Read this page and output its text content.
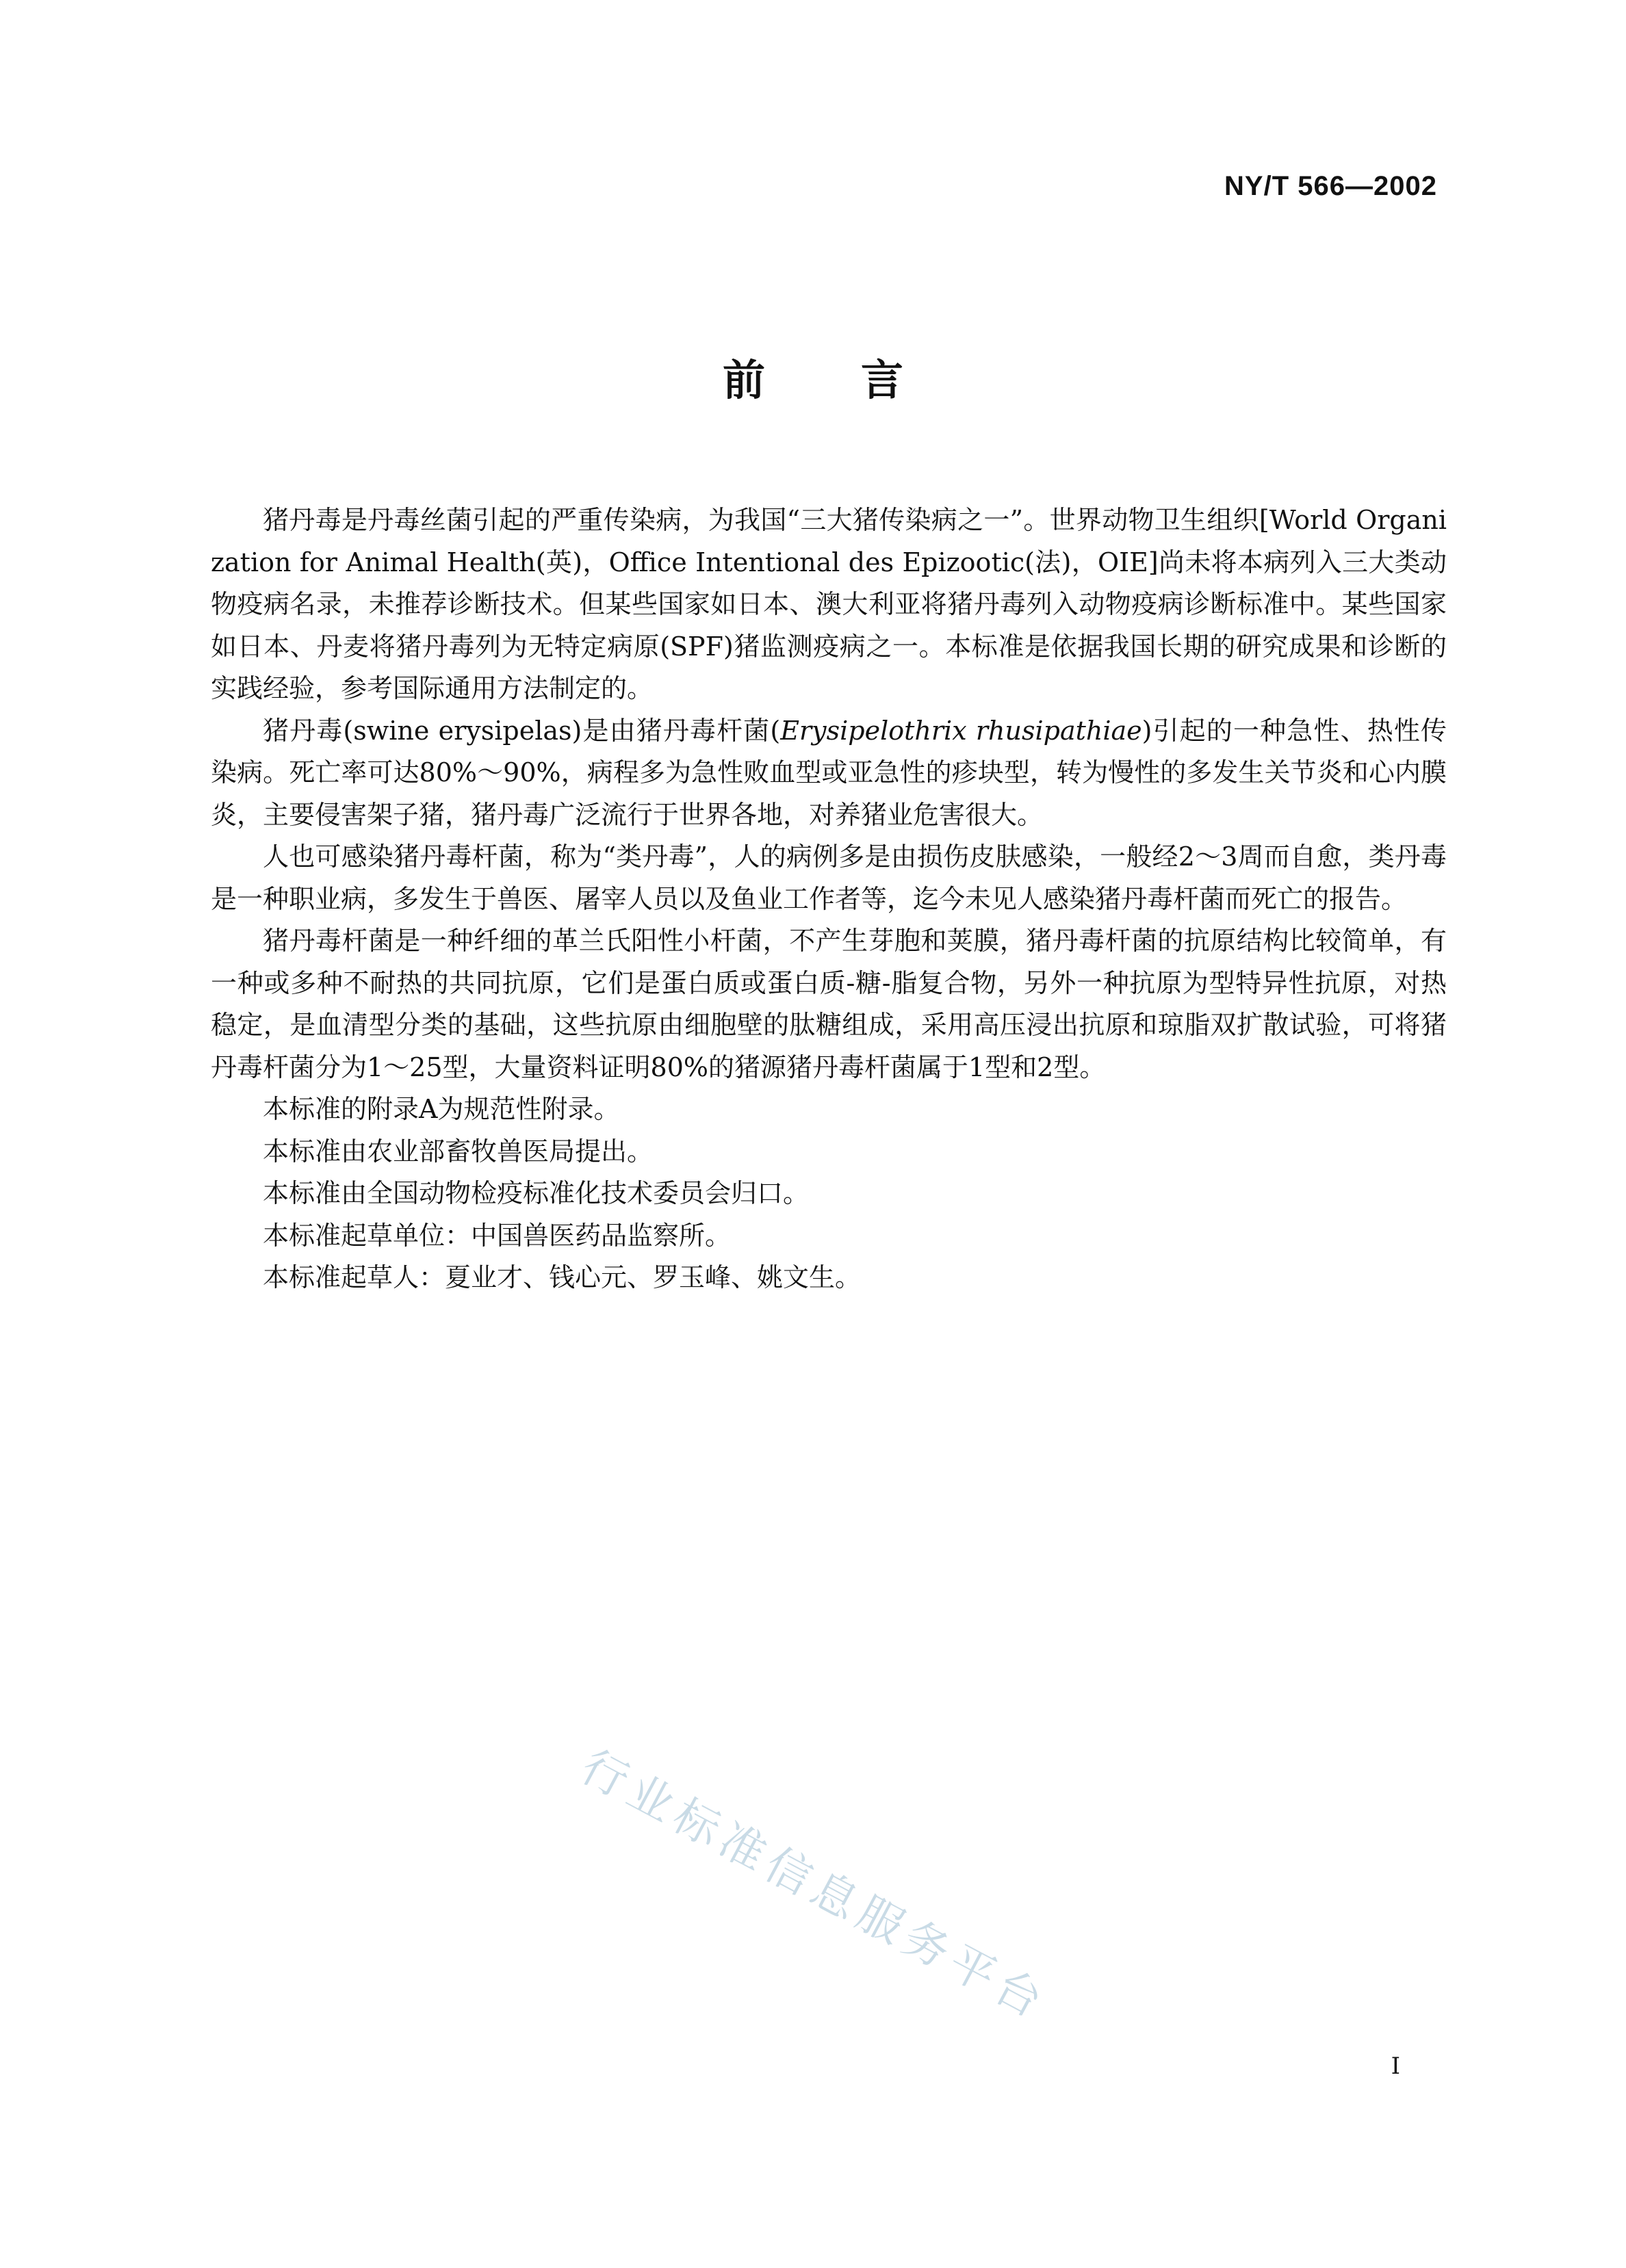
NY/T 566—2002
前 言

猪丹毒是丹毒丝菌引起的严重传染病，为我国“三大猪传染病之一”。世界动物卫生组织[World Organization for Animal Health(英)，Office Intentional des Epizootic(法)，OIE]尚未将本病列入三大类动物疫病名录，未推荐诊断技术。但某些国家如日本、澳大利亚将猪丹毒列入动物疫病诊断标准中。某些国家如日本、丹麦将猪丹毒列为无特定病原(SPF)猪监测疫病之一。本标准是依据我国长期的研究成果和诊断的实践经验，参考国际通用方法制定的。

猪丹毒(swine erysipelas)是由猪丹毒杆菌(Erysipelothrix rhusipathiae)引起的一种急性、热性传染病。死亡率可达80%～90%，病程多为急性败血型或亚急性的疹块型，转为慢性的多发生关节炎和心内膜炎，主要侵害架子猪，猪丹毒广泛流行于世界各地，对养猪业危害很大。

人也可感染猪丹毒杆菌，称为“类丹毒”，人的病例多是由损伤皮肤感染，一般经2～3周而自愈，类丹毒是一种职业病，多发生于兽医、屠宰人员以及鱼业工作者等，迄今未见人感染猪丹毒杆菌而死亡的报告。

猪丹毒杆菌是一种纤细的革兰氏阳性小杆菌，不产生芽胞和荚膜，猪丹毒杆菌的抗原结构比较简单，有一种或多种不耐热的共同抗原，它们是蛋白质或蛋白质-糖-脂复合物，另外一种抗原为型特异性抗原，对热稳定，是血清型分类的基础，这些抗原由细胞壁的肽糖组成，采用高压浸出抗原和琼脂双扩散试验，可将猪丹毒杆菌分为1～25型，大量资料证明80%的猪源猪丹毒杆菌属于1型和2型。

本标准的附录A为规范性附录。

本标准由农业部畜牧兽医局提出。

本标准由全国动物检疫标准化技术委员会归口。

本标准起草单位：中国兽医药品监察所。

本标准起草人：夏业才、钱心元、罗玉峰、姚文生。

行业标准信息服务平台
I
